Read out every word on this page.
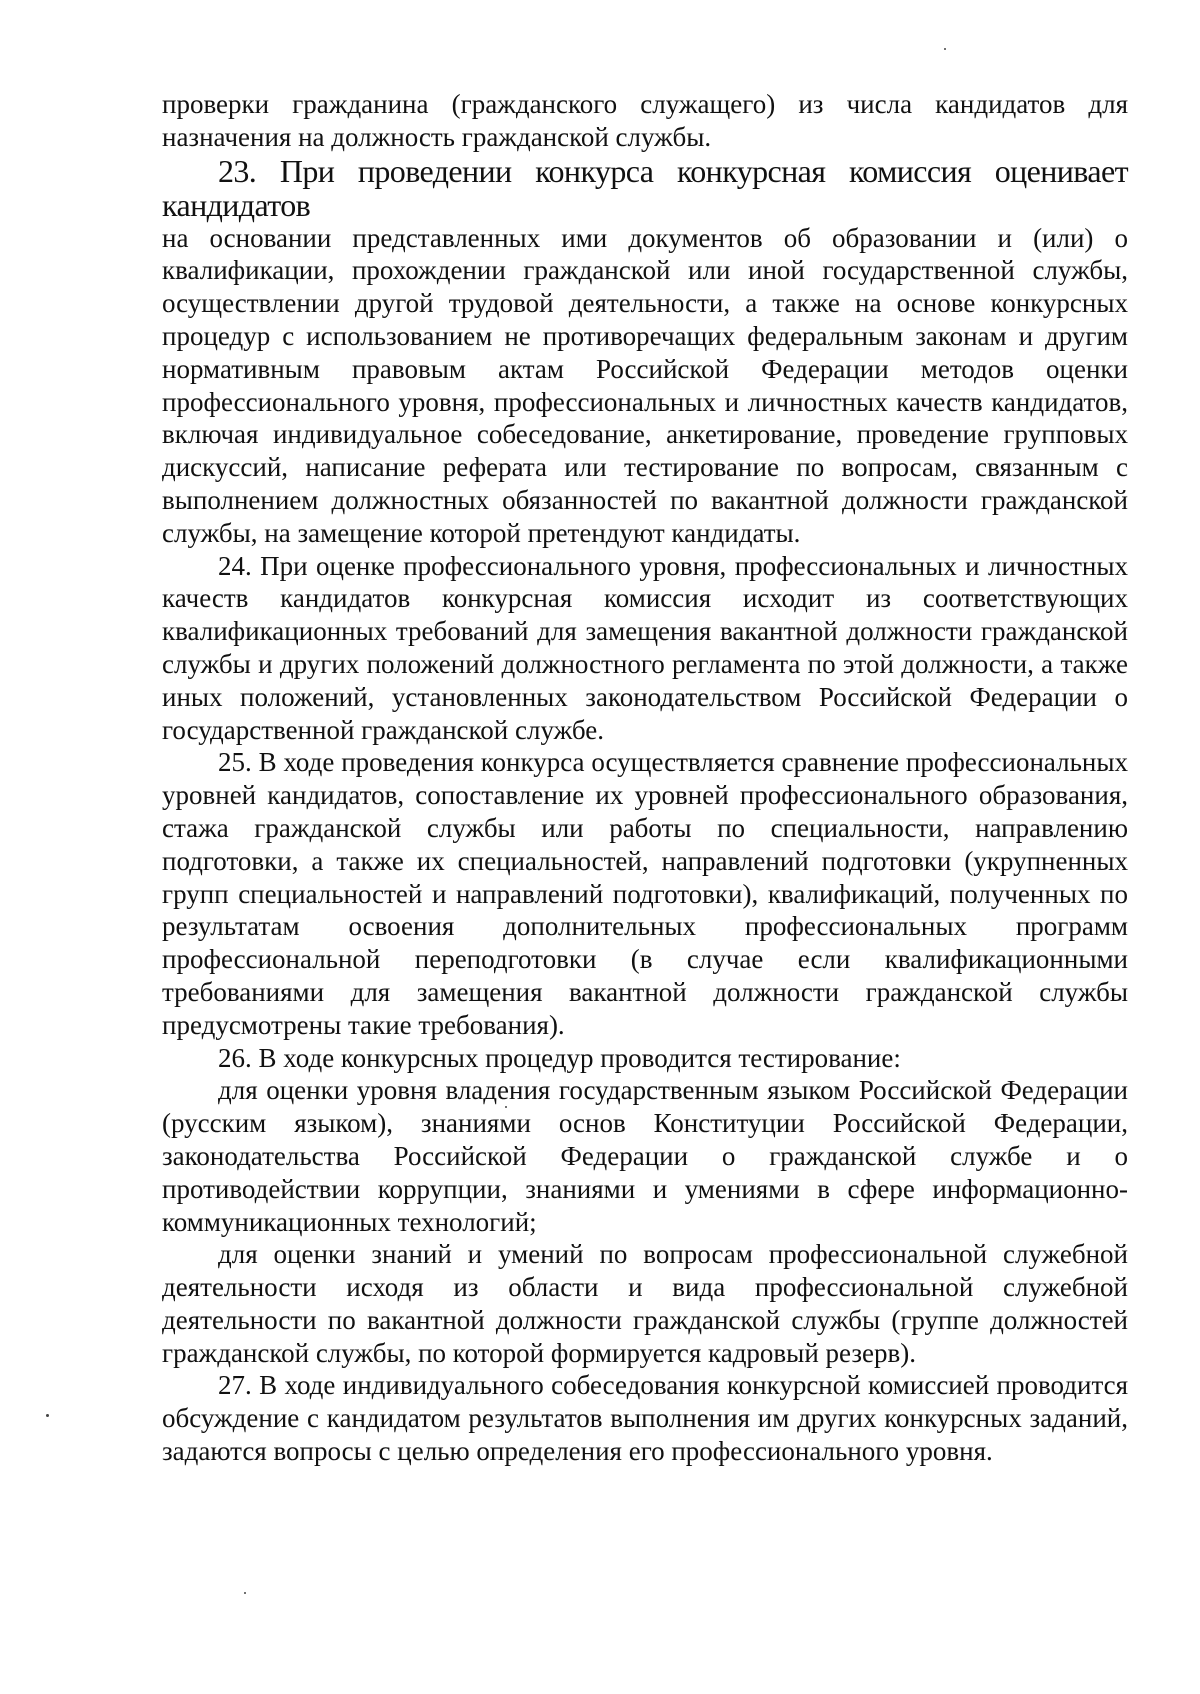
проверки гражданина (гражданского служащего) из числа кандидатов для назначения на должность гражданской службы.

23. При проведении конкурса конкурсная комиссия оценивает кандидатов

на основании представленных ими документов об образовании и (или) о квалификации, прохождении гражданской или иной государственной службы, осуществлении другой трудовой деятельности, а также на основе конкурсных процедур с использованием не противоречащих федеральным законам и другим нормативным правовым актам Российской Федерации методов оценки профессионального уровня, профессиональных и личностных качеств кандидатов, включая индивидуальное собеседование, анкетирование, проведение групповых дискуссий, написание реферата или тестирование по вопросам, связанным с выполнением должностных обязанностей по вакантной должности гражданской службы, на замещение которой претендуют кандидаты.

24. При оценке профессионального уровня, профессиональных и личностных качеств кандидатов конкурсная комиссия исходит из соответствующих квалификационных требований для замещения вакантной должности гражданской службы и других положений должностного регламента по этой должности, а также иных положений, установленных законодательством Российской Федерации о государственной гражданской службе.

25. В ходе проведения конкурса осуществляется сравнение профессиональных уровней кандидатов, сопоставление их уровней профессионального образования, стажа гражданской службы или работы по специальности, направлению подготовки, а также их специальностей, направлений подготовки (укрупненных групп специальностей и направлений подготовки), квалификаций, полученных по результатам освоения дополнительных профессиональных программ профессиональной переподготовки (в случае если квалификационными требованиями для замещения вакантной должности гражданской службы предусмотрены такие требования).

26. В ходе конкурсных процедур проводится тестирование:

для оценки уровня владения государственным языком Российской Федерации (русским языком), знаниями основ Конституции Российской Федерации, законодательства Российской Федерации о гражданской службе и о противодействии коррупции, знаниями и умениями в сфере информационно-коммуникационных технологий;

для оценки знаний и умений по вопросам профессиональной служебной деятельности исходя из области и вида профессиональной служебной деятельности по вакантной должности гражданской службы (группе должностей гражданской службы, по которой формируется кадровый резерв).

27. В ходе индивидуального собеседования конкурсной комиссией проводится обсуждение с кандидатом результатов выполнения им других конкурсных заданий, задаются вопросы с целью определения его профессионального уровня.
